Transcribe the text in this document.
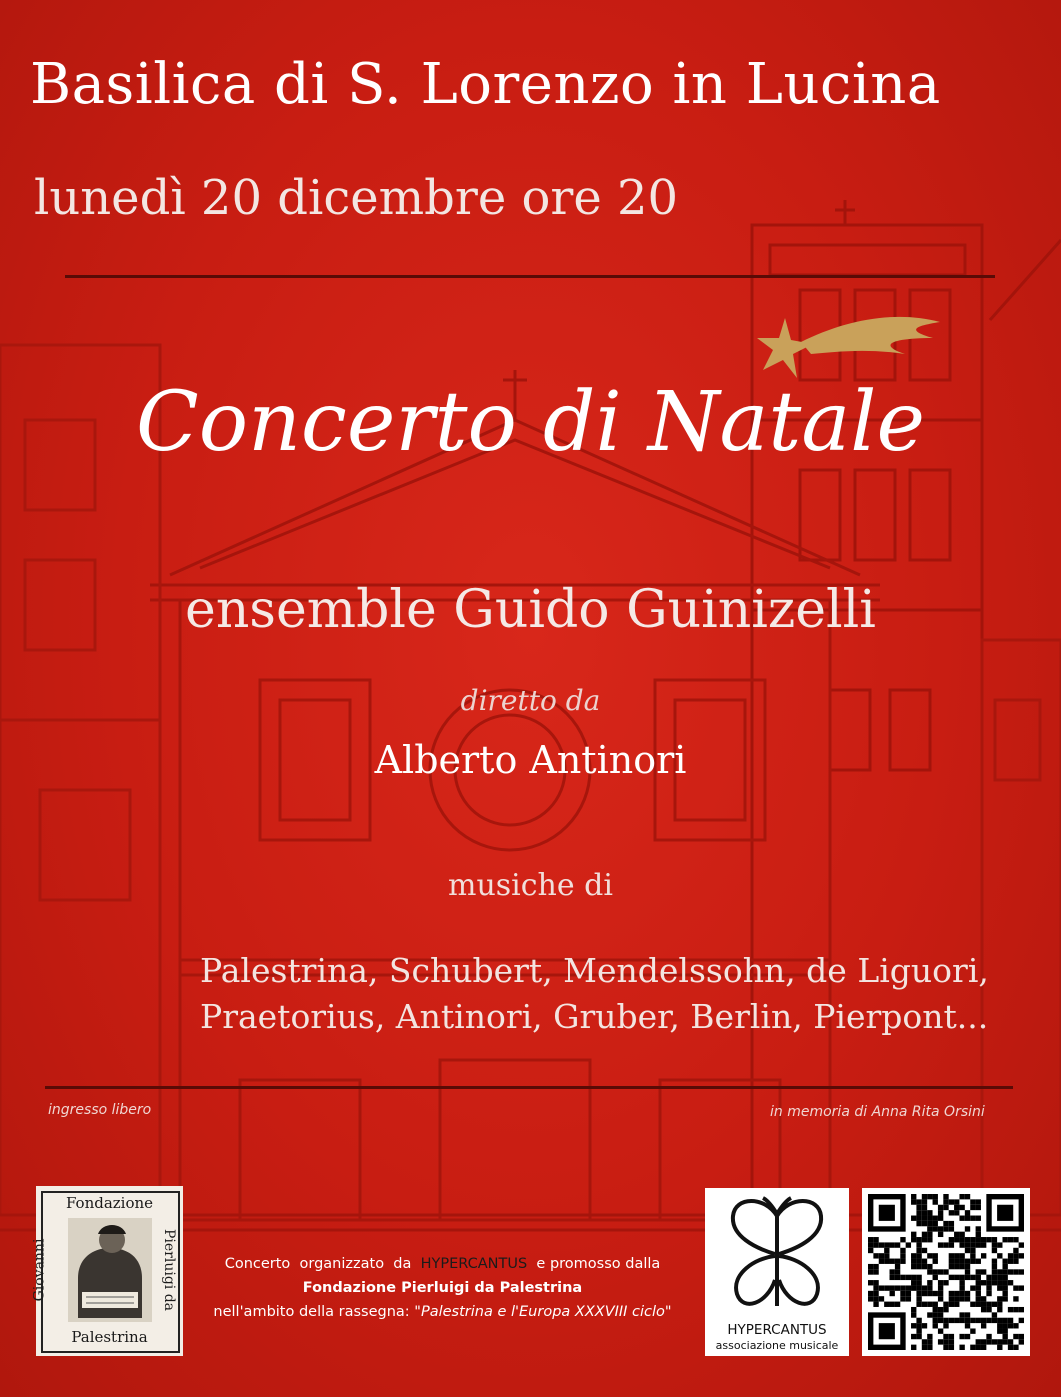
Basilica di S. Lorenzo in Lucina
lunedì 20 dicembre ore 20
Concerto di Natale
ensemble Guido Guinizelli
diretto da
Alberto Antinori
musiche di
Palestrina, Schubert, Mendelssohn, de Liguori,
Praetorius, Antinori, Gruber, Berlin, Pierpont...
ingresso libero	in memoria di Anna Rita Orsini
Fondazione
Giovanni	Pierluigi da
Palestrina
Concerto  organizzato  da  HYPERCANTUS  e promosso dalla
Fondazione Pierluigi da Palestrina
nell'ambito della rassegna: "Palestrina e l'Europa XXXVIII ciclo"
HYPERCANTUS
associazione musicale
